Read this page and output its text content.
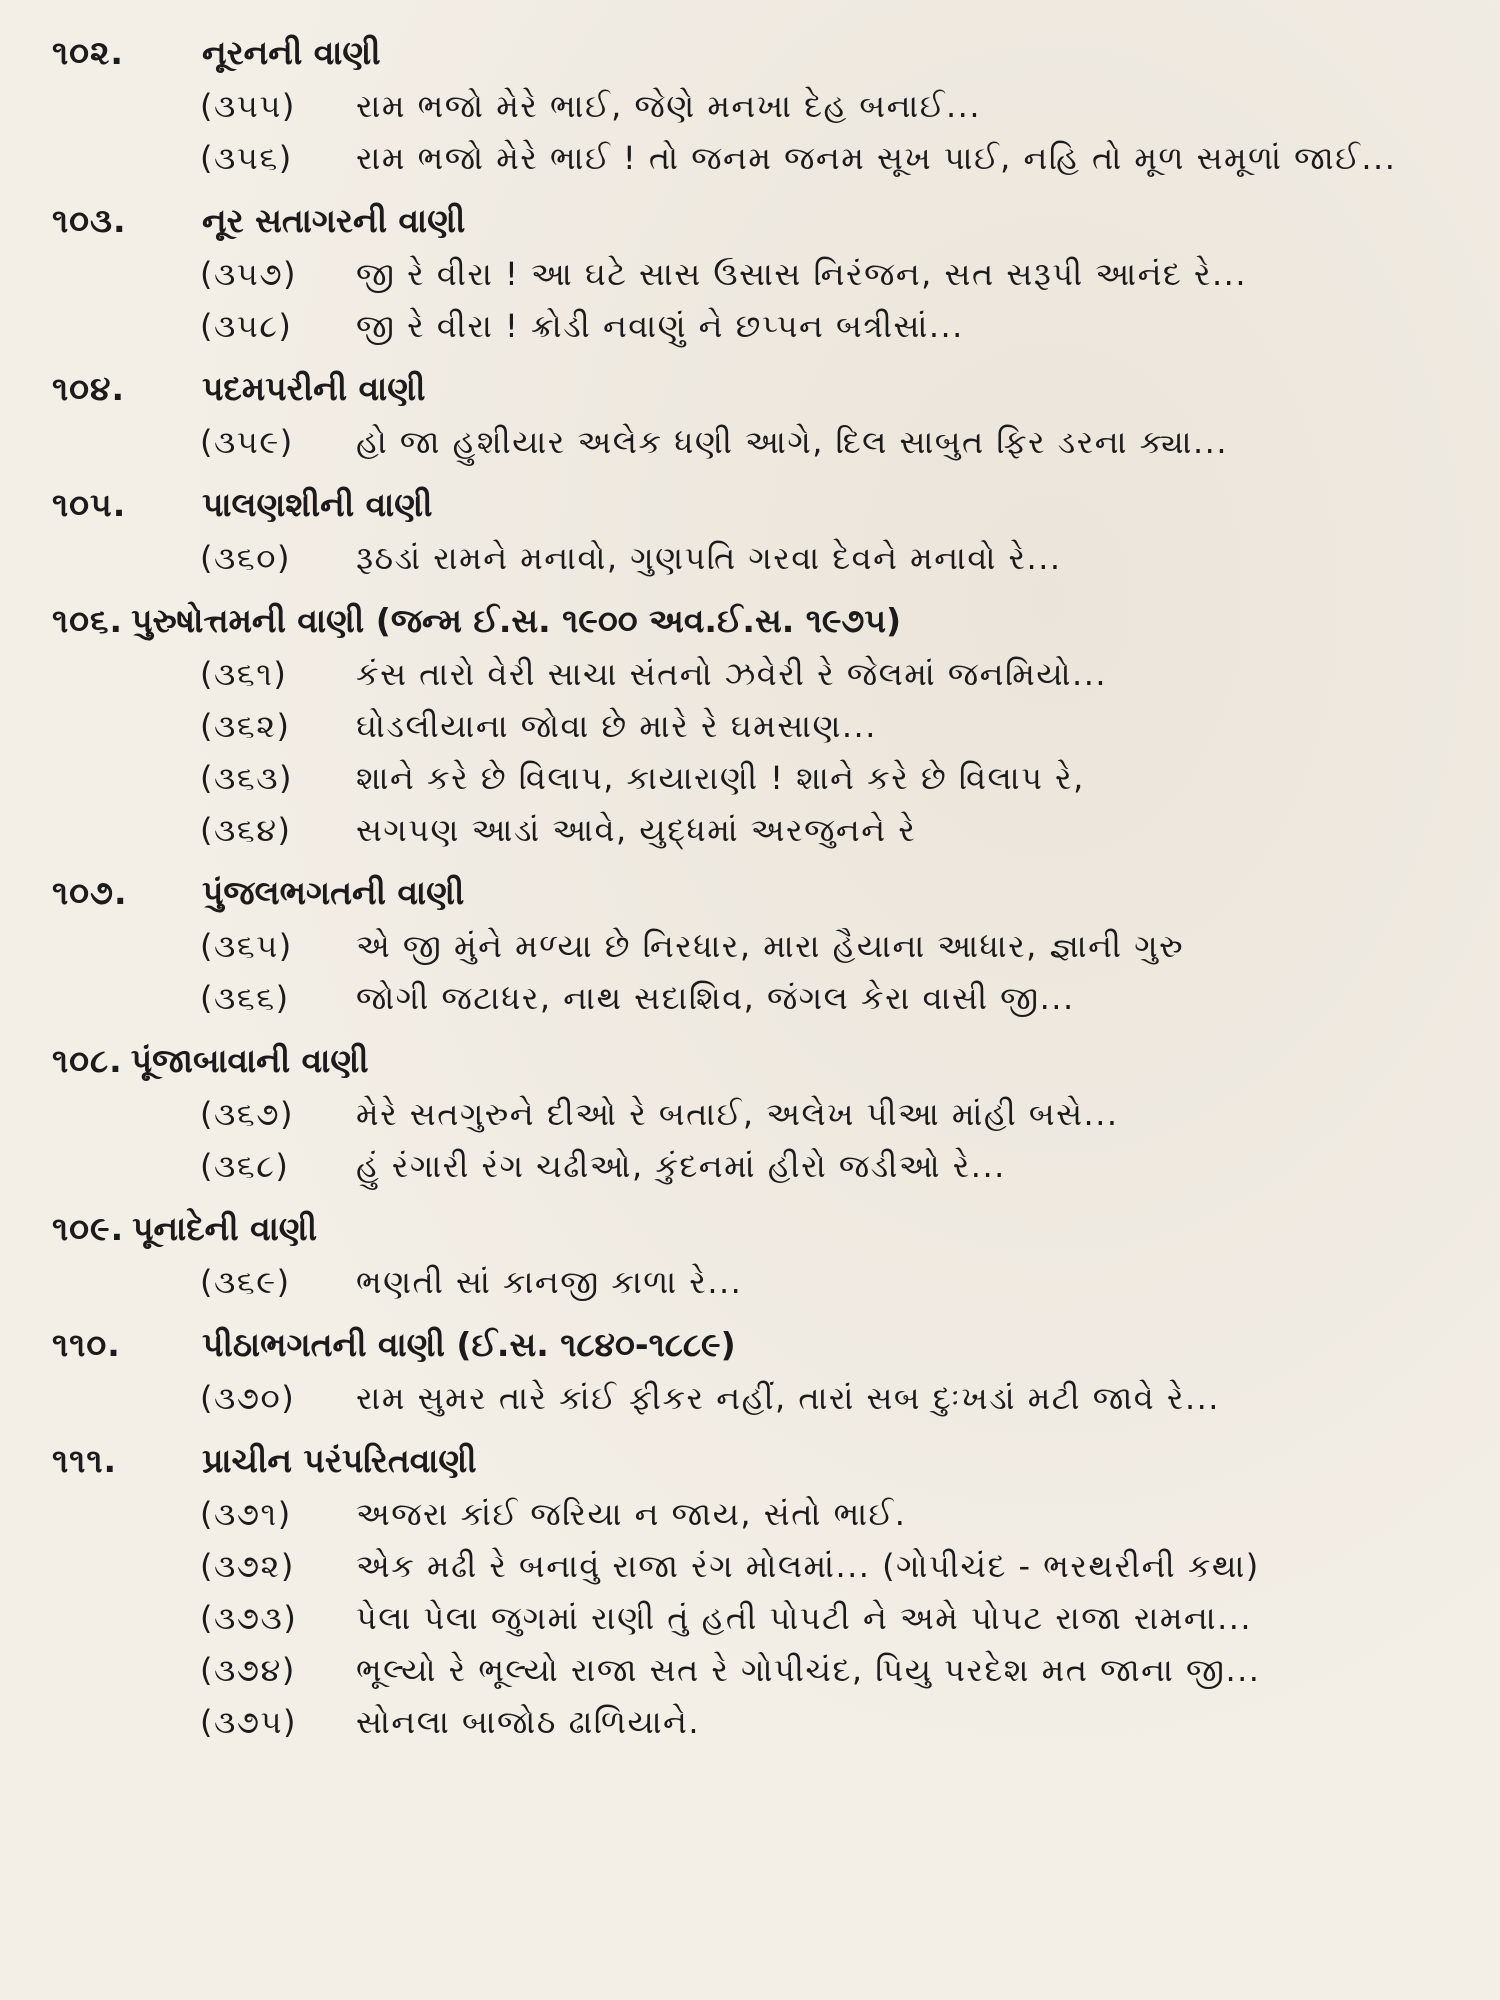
૧૦૨.	નૂરનની વાણી
(૩૫૫)	રામ ભજો મેરે ભાઈ, જેણે મનખા દેહ બનાઈ...
(૩૫૬)	રામ ભજો મેરે ભાઈ ! તો જનમ જનમ સૂખ પાઈ, નહિ તો મૂળ સમૂળાં જાઈ...
૧૦૩.	નૂર સતાગરની વાણી
(૩૫૭)	જી રે વીરા ! આ ઘટે સાસ ઉસાસ નિરંજન, સત સરૂપી આનંદ રે...
(૩૫૮)	જી રે વીરા ! ક્રોડી નવાણું ને છપ્પન બત્રીસાં...
૧૦૪.	પદમપરીની વાણી
(૩૫૯)	હો જા હુશીયાર અલેક ધણી આગે, દિલ સાબુત ફિર ડરના ક્યા...
૧૦૫.	પાલણશીની વાણી
(૩૬૦)	રૂઠડાં રામને મનાવો, ગુણપતિ ગરવા દેવને મનાવો રે...
૧૦૬. પુરુષોત્તમની વાણી (જન્મ ઈ.સ. ૧૯૦૦ અવ.ઈ.સ. ૧૯૭૫)
(૩૬૧)	કંસ તારો વેરી સાચા સંતનો ઝવેરી રે જેલમાં જનમિયો...
(૩૬૨)	ઘોડલીયાના જોવા છે મારે રે ઘમસાણ...
(૩૬૩)	શાને કરે છે વિલાપ, કાયારાણી ! શાને કરે છે વિલાપ રે,
(૩૬૪)	સગપણ આડાં આવે, યુદ્ધમાં અરજુનને રે
૧૦૭.	પુંજલભગતની વાણી
(૩૬૫)	એ જી મુંને મળ્યા છે નિરધાર, મારા હૈયાના આધાર, જ્ઞાની ગુરુ
(૩૬૬)	જોગી જટાધર, નાથ સદાશિવ, જંગલ કેરા વાસી જી...
૧૦૮. પૂંજાબાવાની વાણી
(૩૬૭)	મેરે સતગુરુને દીઓ રે બતાઈ, અલેખ પીઆ માંહી બસે...
(૩૬૮)	હું રંગારી રંગ ચઢીઓ, કુંદનમાં હીરો જડીઓ રે...
૧૦૯. પૂનાદેની વાણી
(૩૬૯)	ભણતી સાં કાનજી કાળા રે...
૧૧૦.	પીઠાભગતની વાણી (ઈ.સ. ૧૮૪૦-૧૮૮૯)
(૩૭૦)	રામ સુમર તારે કાંઈ ફીકર નહીં, તારાં સબ દુઃખડાં મટી જાવે રે...
૧૧૧.	પ્રાચીન પરંપરિતવાણી
(૩૭૧)	અજરા કાંઈ જરિયા ન જાય, સંતો ભાઈ.
(૩૭૨)	એક મઢી રે બનાવું રાજા રંગ મોલમાં... (ગોપીચંદ - ભરથરીની કથા)
(૩૭૩)	પેલા પેલા જુગમાં રાણી તું હતી પોપટી ને અમે પોપટ રાજા રામના...
(૩૭૪)	ભૂલ્યો રે ભૂલ્યો રાજા સત રે ગોપીચંદ, પિયુ પરદેશ મત જાના જી...
(૩૭૫)	સોનલા બાજોઠ ઢાળિયાને.
